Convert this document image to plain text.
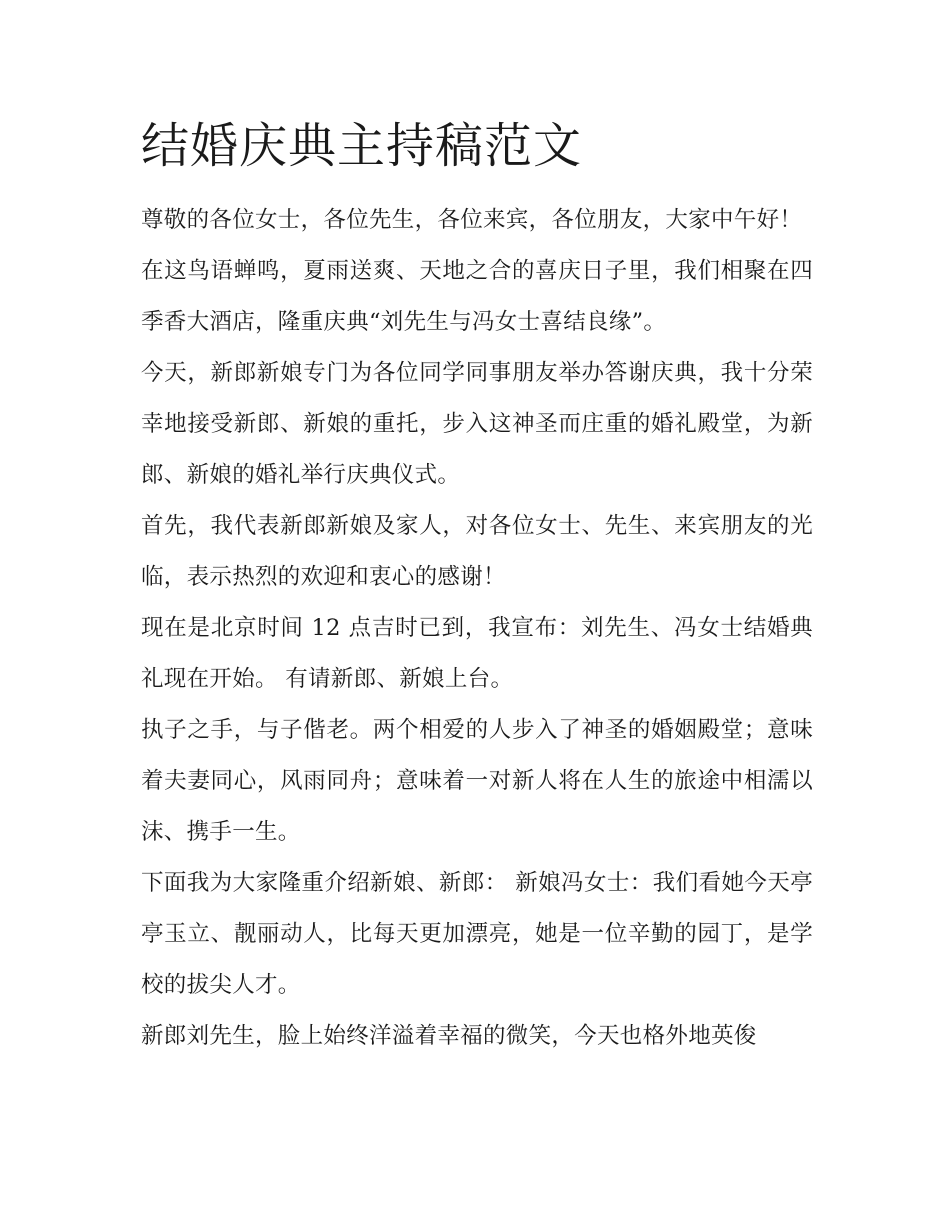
结婚庆典主持稿范文

尊敬的各位女士，各位先生，各位来宾，各位朋友，大家中午好！

在这鸟语蝉鸣，夏雨送爽、天地之合的喜庆日子里，我们相聚在四季香大酒店，隆重庆典“刘先生与冯女士喜结良缘”。

今天，新郎新娘专门为各位同学同事朋友举办答谢庆典，我十分荣幸地接受新郎、新娘的重托，步入这神圣而庄重的婚礼殿堂，为新郎、新娘的婚礼举行庆典仪式。

首先，我代表新郎新娘及家人，对各位女士、先生、来宾朋友的光临，表示热烈的欢迎和衷心的感谢！

现在是北京时间 12 点吉时已到，我宣布：刘先生、冯女士结婚典礼现在开始。 有请新郎、新娘上台。

执子之手，与子偕老。两个相爱的人步入了神圣的婚姻殿堂；意味着夫妻同心，风雨同舟；意味着一对新人将在人生的旅途中相濡以沫、携手一生。

下面我为大家隆重介绍新娘、新郎： 新娘冯女士：我们看她今天亭亭玉立、靓丽动人，比每天更加漂亮，她是一位辛勤的园丁，是学校的拔尖人才。

新郎刘先生，脸上始终洋溢着幸福的微笑，今天也格外地英俊
